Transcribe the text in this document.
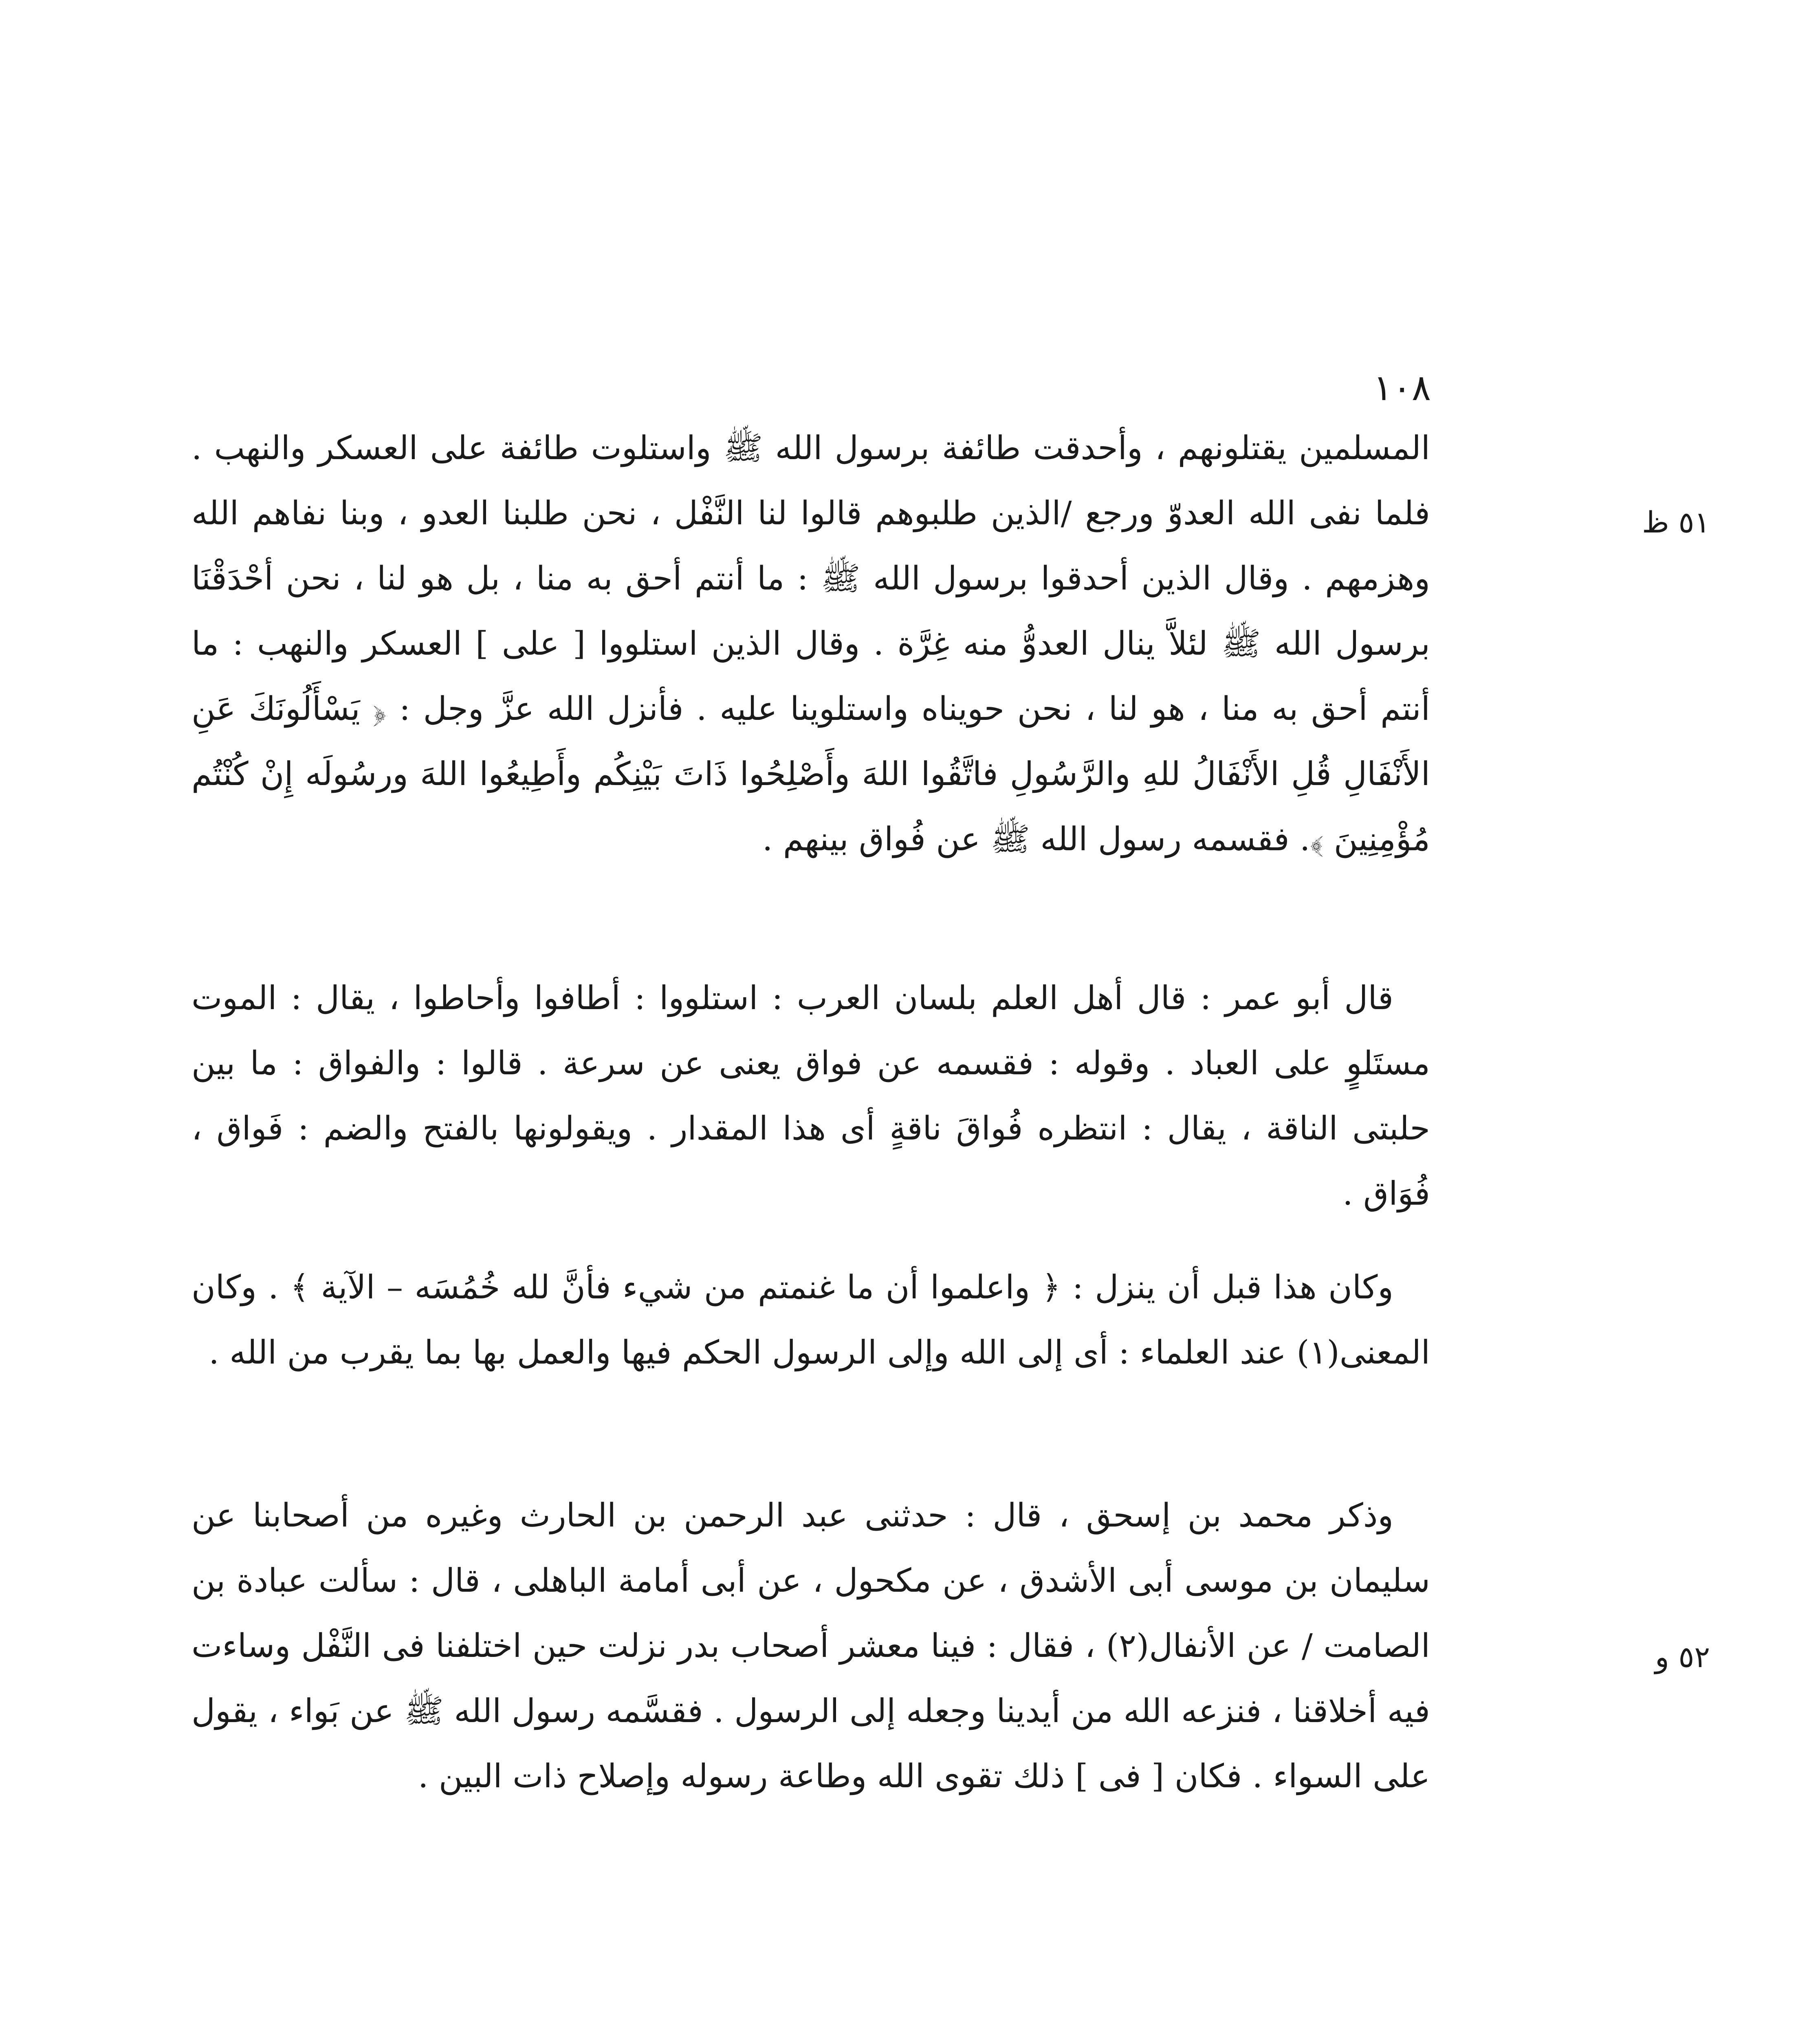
١٠٨
٥١ ظ
٥٢ و

المسلمين يقتلونهم ، وأحدقت طائفة برسول الله ﷺ واستلوت طائفة على العسكر والنهب . فلما نفى الله العدوّ ورجع /الذين طلبوهم قالوا لنا النَّفْل ، نحن طلبنا العدو ، وبنا نفاهم الله وهزمهم . وقال الذين أحدقوا برسول الله ﷺ : ما أنتم أحق به منا ، بل هو لنا ، نحن أحْدَقْنَا برسول الله ﷺ لئلاَّ ينال العدوُّ منه غِرَّة . وقال الذين استلووا [ على ] العسكر والنهب : ما أنتم أحق به منا ، هو لنا ، نحن حويناه واستلوينا عليه . فأنزل الله عزَّ وجل : ﴿ يَسْأَلُونَكَ عَنِ الأَنْفَالِ قُلِ الأَنْفَالُ للهِ والرَّسُولِ فاتَّقُوا اللهَ وأَصْلِحُوا ذَاتَ بَيْنِكُم وأَطِيعُوا اللهَ ورسُولَه إِنْ كُنْتُم مُؤْمِنِينَ ﴾. فقسمه رسول الله ﷺ عن فُواق بينهم .

قال أبو عمر : قال أهل العلم بلسان العرب : استلووا : أطافوا وأحاطوا ، يقال : الموت مستَلوٍ على العباد . وقوله : فقسمه عن فواق يعنى عن سرعة . قالوا : والفواق : ما بين حلبتى الناقة ، يقال : انتظره فُواقَ ناقةٍ أى هذا المقدار . ويقولونها بالفتح والضم : فَواق ، فُوَاق .

وكان هذا قبل أن ينزل : ﴿ واعلموا أن ما غنمتم من شيء فأنَّ لله خُمُسَه – الآية ﴾ . وكان المعنى(١) عند العلماء : أى إلى الله وإلى الرسول الحكم فيها والعمل بها بما يقرب من الله .

وذكر محمد بن إسحق ، قال : حدثنى عبد الرحمن بن الحارث وغيره من أصحابنا عن سليمان بن موسى أبى الأشدق ، عن مكحول ، عن أبى أمامة الباهلى ، قال : سألت عبادة بن الصامت / عن الأنفال(٢) ، فقال : فينا معشر أصحاب بدر نزلت حين اختلفنا فى النَّفْل وساءت فيه أخلاقنا ، فنزعه الله من أيدينا وجعله إلى الرسول . فقسَّمه رسول الله ﷺ عن بَواء ، يقول على السواء . فكان [ فى ] ذلك تقوى الله وطاعة رسوله وإصلاح ذات البين .
